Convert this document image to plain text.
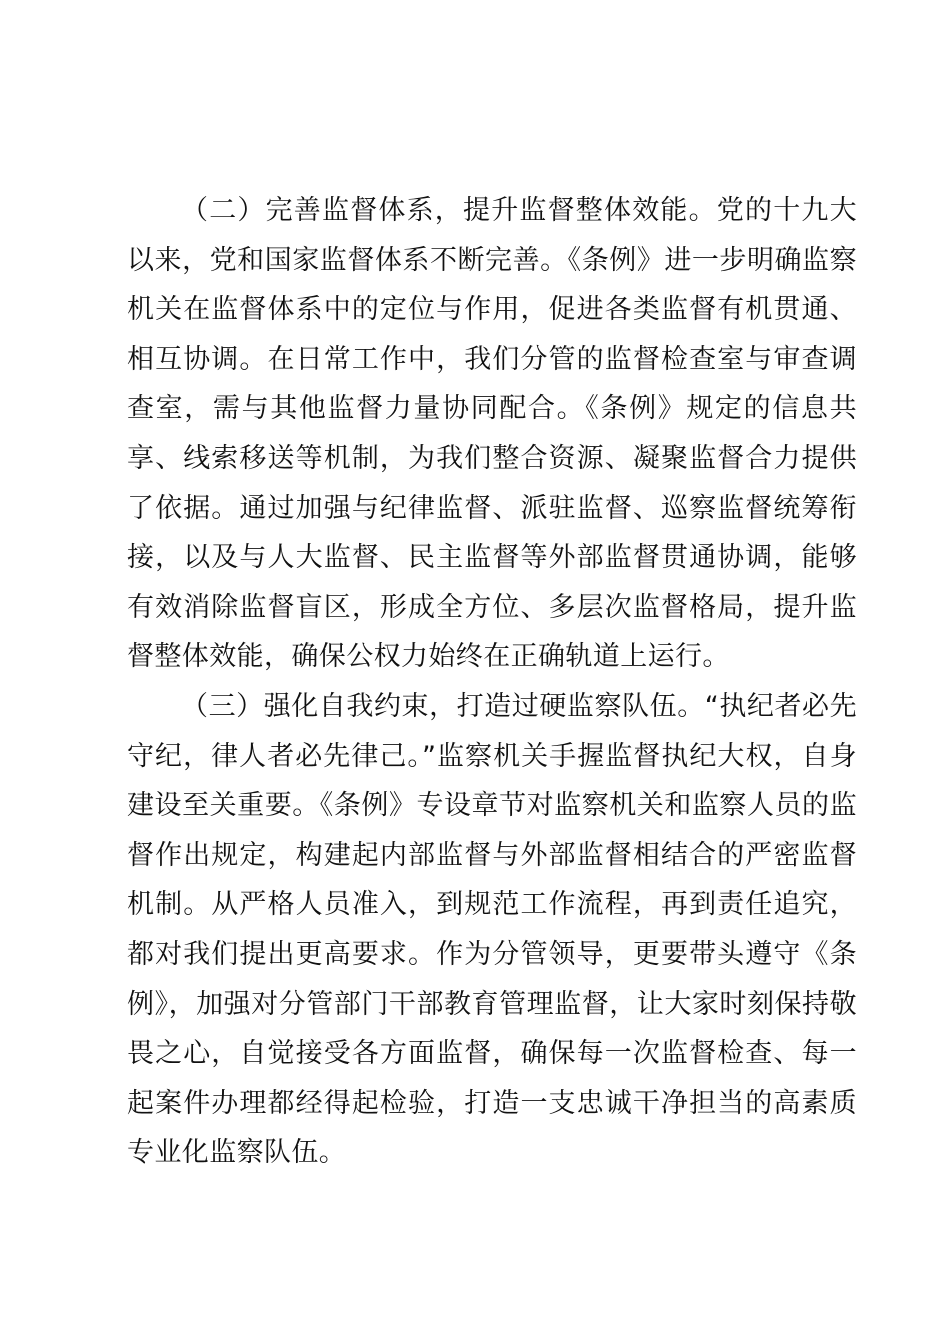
（二）完善监督体系，提升监督整体效能。党的十九大以来，党和国家监督体系不断完善。《条例》进一步明确监察机关在监督体系中的定位与作用，促进各类监督有机贯通、相互协调。在日常工作中，我们分管的监督检查室与审查调查室，需与其他监督力量协同配合。《条例》规定的信息共享、线索移送等机制，为我们整合资源、凝聚监督合力提供了依据。通过加强与纪律监督、派驻监督、巡察监督统筹衔接，以及与人大监督、民主监督等外部监督贯通协调，能够有效消除监督盲区，形成全方位、多层次监督格局，提升监督整体效能，确保公权力始终在正确轨道上运行。

（三）强化自我约束，打造过硬监察队伍。“执纪者必先守纪，律人者必先律己。”监察机关手握监督执纪大权，自身建设至关重要。《条例》专设章节对监察机关和监察人员的监督作出规定，构建起内部监督与外部监督相结合的严密监督机制。从严格人员准入，到规范工作流程，再到责任追究，都对我们提出更高要求。作为分管领导，更要带头遵守《条例》，加强对分管部门干部教育管理监督，让大家时刻保持敬畏之心，自觉接受各方面监督，确保每一次监督检查、每一起案件办理都经得起检验，打造一支忠诚干净担当的高素质专业化监察队伍。
